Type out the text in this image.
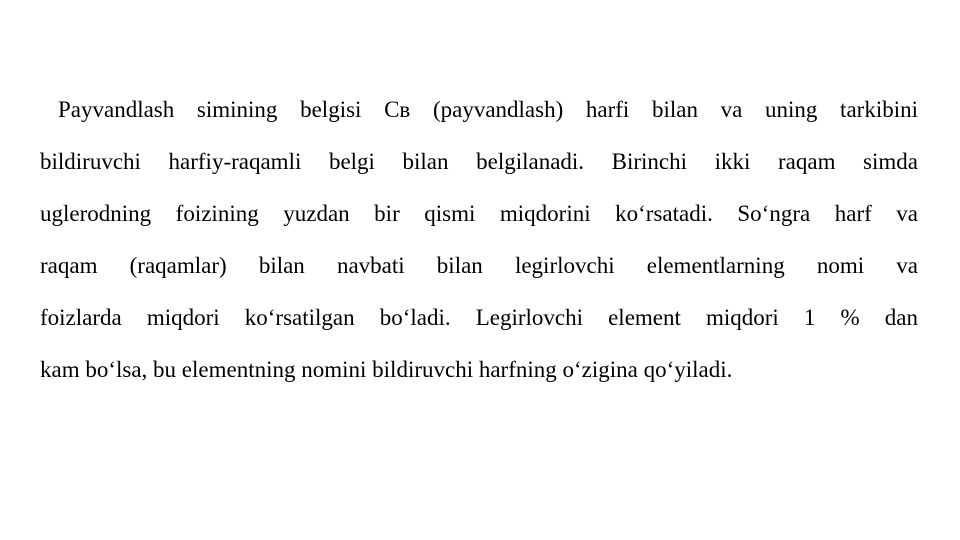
Payvandlash simining belgisi Cв (payvandlash) harfi bilan va uning tarkibini
bildiruvchi harfiy-raqamli belgi bilan belgilanadi. Birinchi ikki raqam simda
uglerodning foizining yuzdan bir qismi miqdorini ko‘rsatadi. So‘ngra harf va
raqam (raqamlar) bilan navbati bilan legirlovchi elementlarning nomi va
foizlarda miqdori ko‘rsatilgan bo‘ladi. Legirlovchi element miqdori 1 % dan
kam bo‘lsa, bu elementning nomini bildiruvchi harfning o‘zigina qo‘yiladi.
